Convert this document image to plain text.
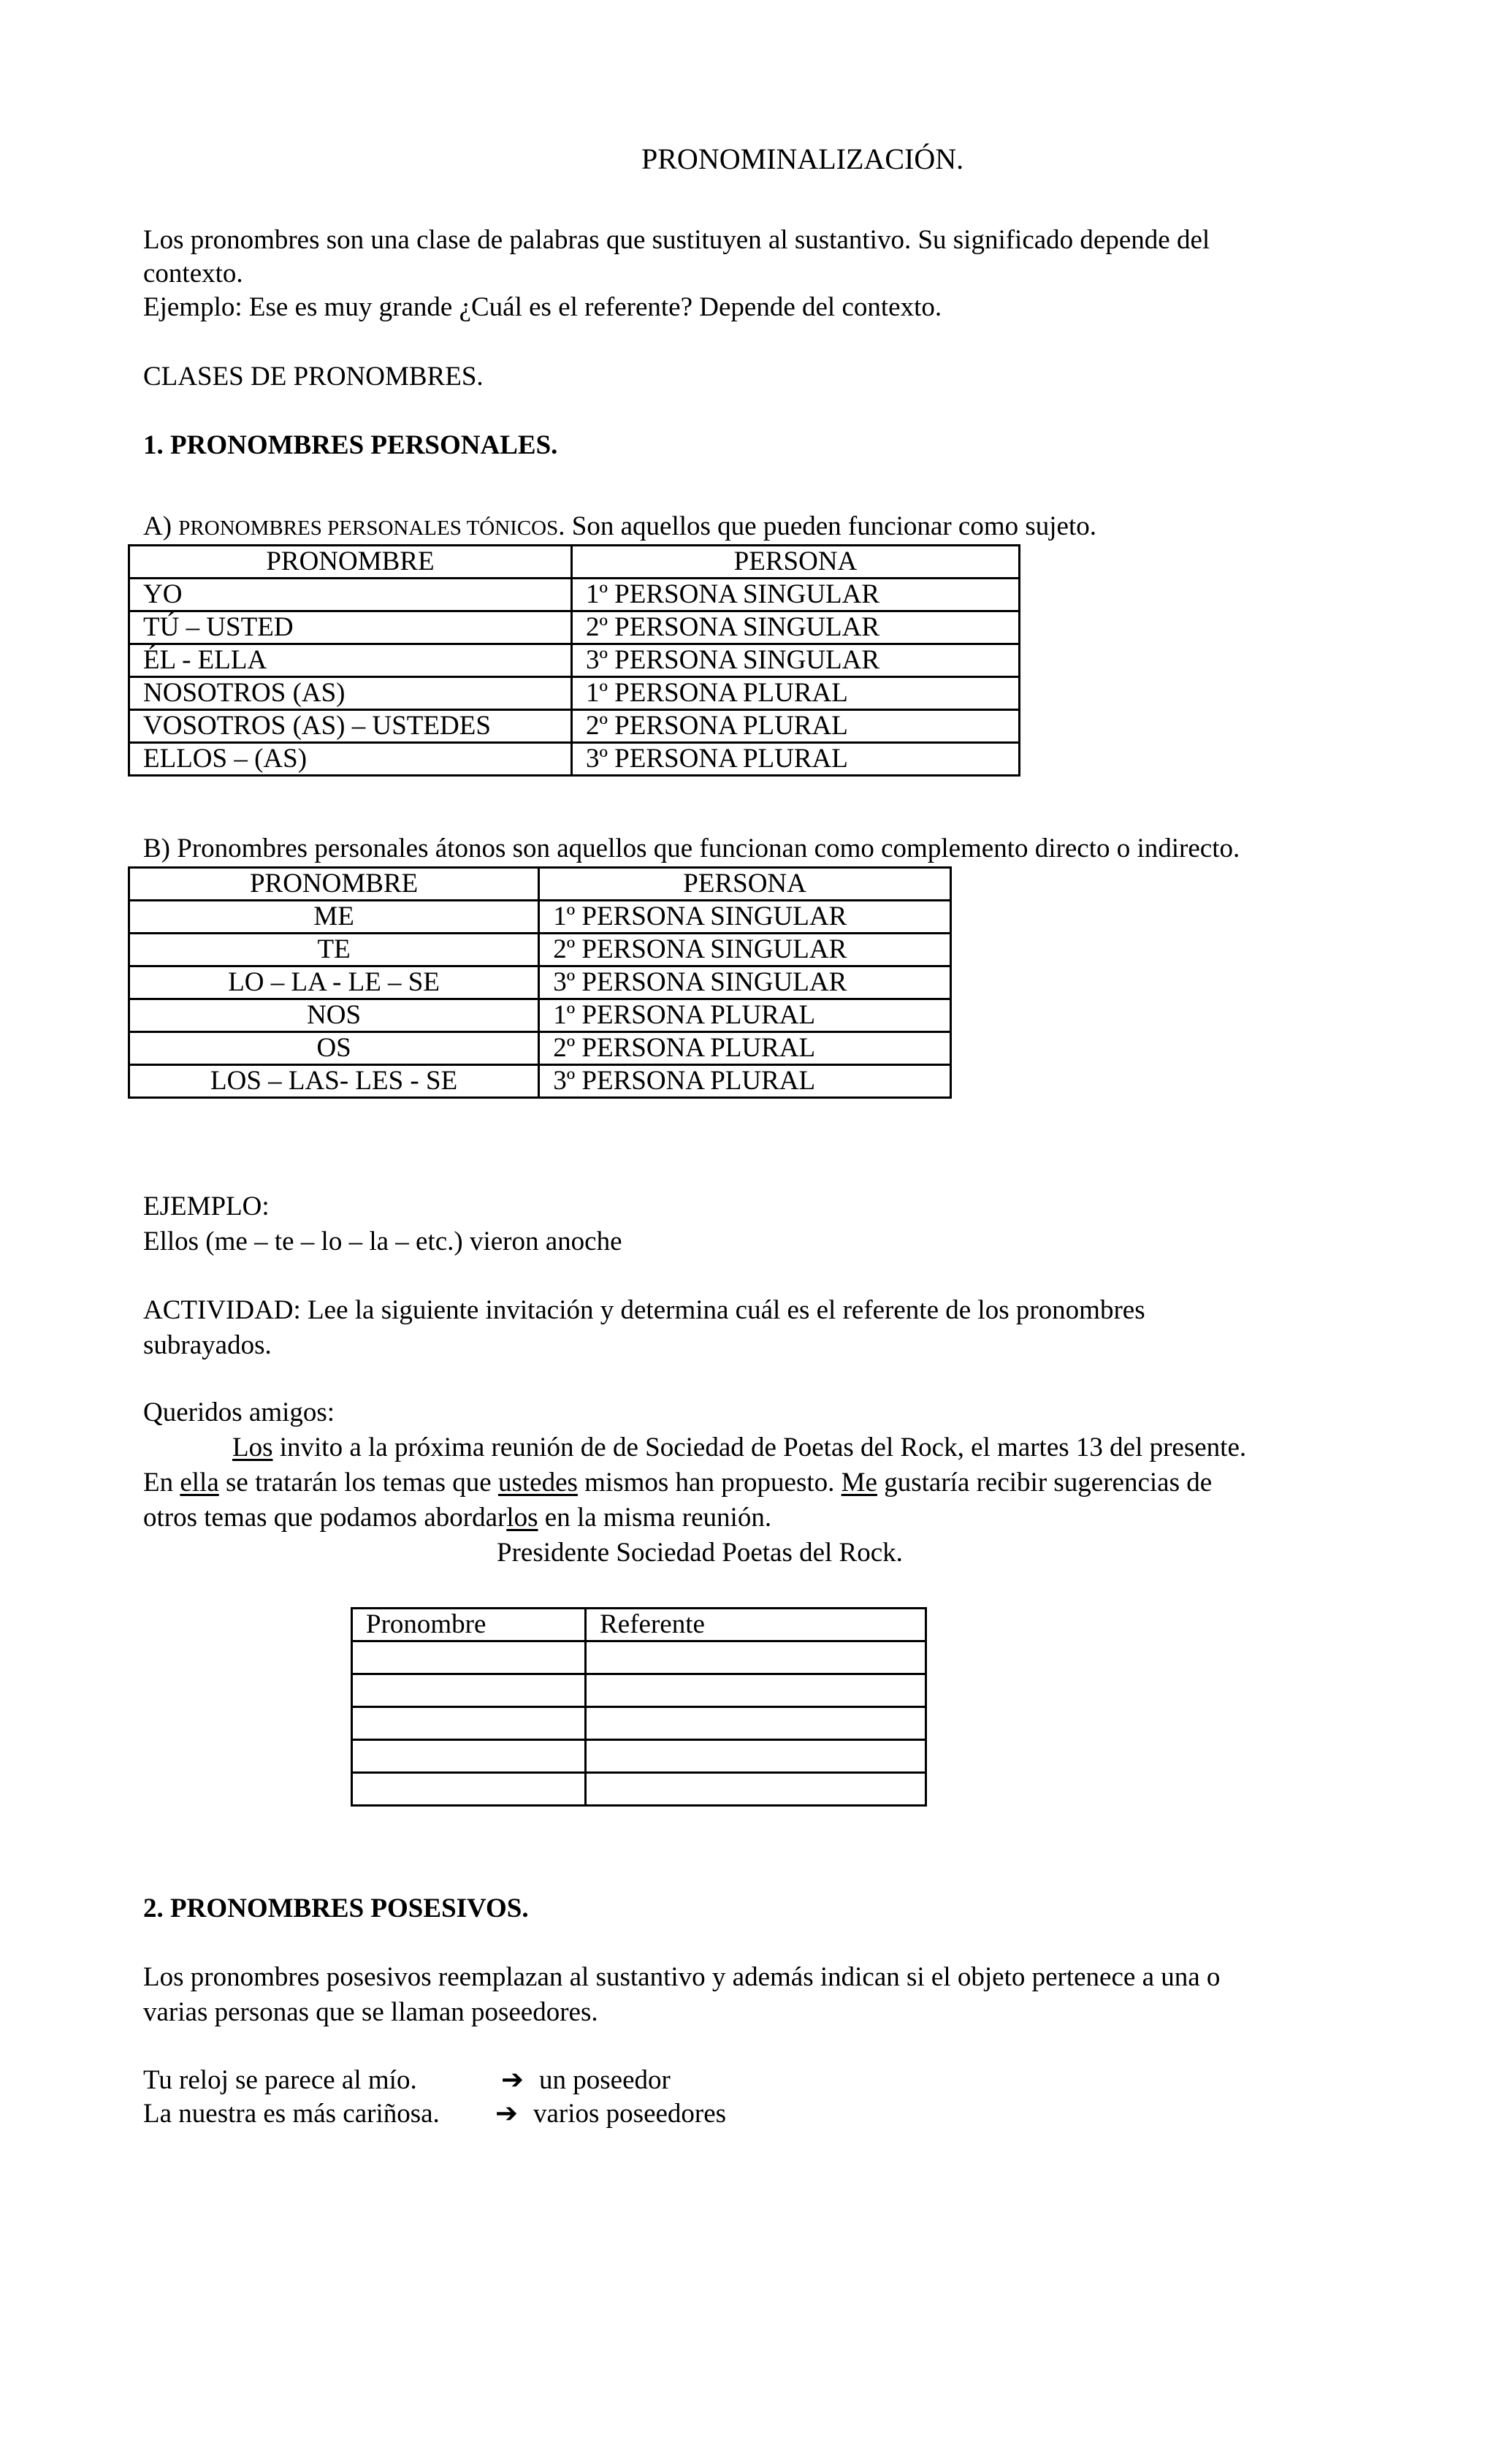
PRONOMINALIZACIÓN.
Los pronombres son una clase de palabras que sustituyen al sustantivo. Su significado depende del
contexto.
Ejemplo: Ese es muy grande ¿Cuál es el referente? Depende del contexto.
CLASES DE PRONOMBRES.
1. PRONOMBRES PERSONALES.
A) PRONOMBRES PERSONALES TÓNICOS. Son aquellos que pueden funcionar como sujeto.
PRONOMBRE	PERSONA
YO	1º PERSONA SINGULAR
TÚ – USTED	2º PERSONA SINGULAR
ÉL - ELLA	3º PERSONA SINGULAR
NOSOTROS (AS)	1º PERSONA PLURAL
VOSOTROS (AS) – USTEDES	2º PERSONA PLURAL
ELLOS – (AS)	3º PERSONA PLURAL
B) Pronombres personales átonos son aquellos que funcionan como complemento directo o indirecto.
PRONOMBRE	PERSONA
ME	1º PERSONA SINGULAR
TE	2º PERSONA SINGULAR
LO – LA - LE – SE	3º PERSONA SINGULAR
NOS	1º PERSONA PLURAL
OS	2º PERSONA PLURAL
LOS – LAS- LES - SE	3º PERSONA PLURAL
EJEMPLO:
Ellos (me – te – lo – la – etc.) vieron anoche
ACTIVIDAD: Lee la siguiente invitación y determina cuál es el referente de los pronombres
subrayados.
Queridos amigos:
Los invito a la próxima reunión de de Sociedad de Poetas del Rock, el martes 13 del presente.
En ella se tratarán los temas que ustedes mismos han propuesto. Me gustaría recibir sugerencias de
otros temas que podamos abordarlos en la misma reunión.
Presidente Sociedad Poetas del Rock.
Pronombre	Referente

2. PRONOMBRES POSESIVOS.
Los pronombres posesivos reemplazan al sustantivo y además indican si el objeto pertenece a una o
varias personas que se llaman poseedores.
Tu reloj se parece al mío.	➔ un poseedor
La nuestra es más cariñosa. ➔ varios poseedores
